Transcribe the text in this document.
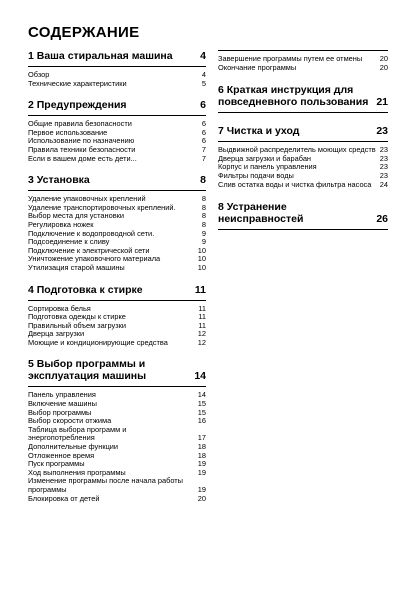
СОДЕРЖАНИЕ
1 Ваша стиральная машина	4
Обзор	4
Технические характеристики	5
2 Предупреждения	6
Общие правила безопасности	6
Первое использование	6
Использование по назначению	6
Правила техники безопасности	7
Если в вашем доме есть дети...	7
3 Установка	8
Удаление упаковочных креплений	8
Удаление транспортировочных креплений.	8
Выбор места для установки	8
Регулировка ножек	8
Подключение к водопроводной сети.	9
Подсоединение к сливу	9
Подключение к электрической сети	10
Уничтожение упаковочного материала	10
Утилизация старой машины	10
4 Подготовка к стирке	11
Сортировка белья	11
Подготовка одежды к стирке	11
Правильный объем загрузки	11
Дверца загрузки	12
Моющие и кондиционирующие средства	12
5 Выбор программы и эксплуатация машины	14
Панель управления	14
Включение машины	15
Выбор программы	15
Выбор скорости отжима	16
Таблица выбора программ и энергопотребления	17
Дополнительные функции	18
Отложенное время	18
Пуск программы	19
Ход выполнения программы	19
Изменение программы после начала работы программы	19
Блокировка от детей	20
Завершение программы путем ее отмены	20
Окончание программы	20
6 Краткая инструкция для повседневного пользования 21
7 Чистка и уход	23
Выдвижной распределитель моющих средств 23
Дверца загрузки и барабан	23
Корпус и панель управления	23
Фильтры подачи воды	23
Слив остатка воды и чистка фильтра насоса	24
8 Устранение неисправностей	26
